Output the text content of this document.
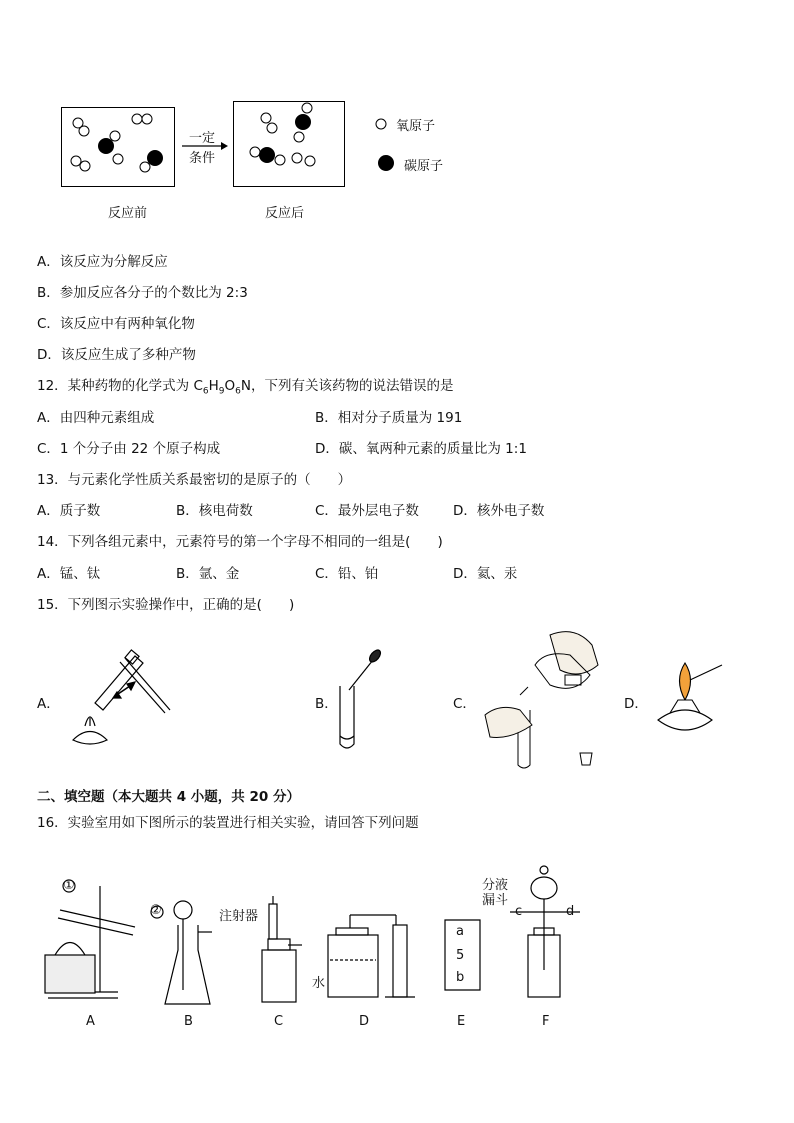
一定
条件
氧原子
碳原子
反应前	反应后
A．该反应为分解反应
B．参加反应各分子的个数比为 2:3
C．该反应中有两种氧化物
D．该反应生成了多种产物
12．某种药物的化学式为 $C_6H_9O_6N$，下列有关该药物的说法错误的是
A．由四种元素组成	B．相对分子质量为 191
C．1 个分子由 22 个原子构成	D．碳、氧两种元素的质量比为 1:1
13．与元素化学性质关系最密切的是原子的（　　）
A．质子数	B．核电荷数	C．最外层电子数	D．核外电子数
14．下列各组元素中，元素符号的第一个字母不相同的一组是(　　)
A．锰、钛	B．氩、金	C．铅、铂	D．氦、汞
15．下列图示实验操作中，正确的是(　　)
A．	B．	C．	D．
二、填空题（本大题共 4 小题，共 20 分）
16．实验室用如下图所示的装置进行相关实验，请回答下列问题
①
②	注射器
水
分液
漏斗
c	d
a
5
b
A	B	C	D	E	F
